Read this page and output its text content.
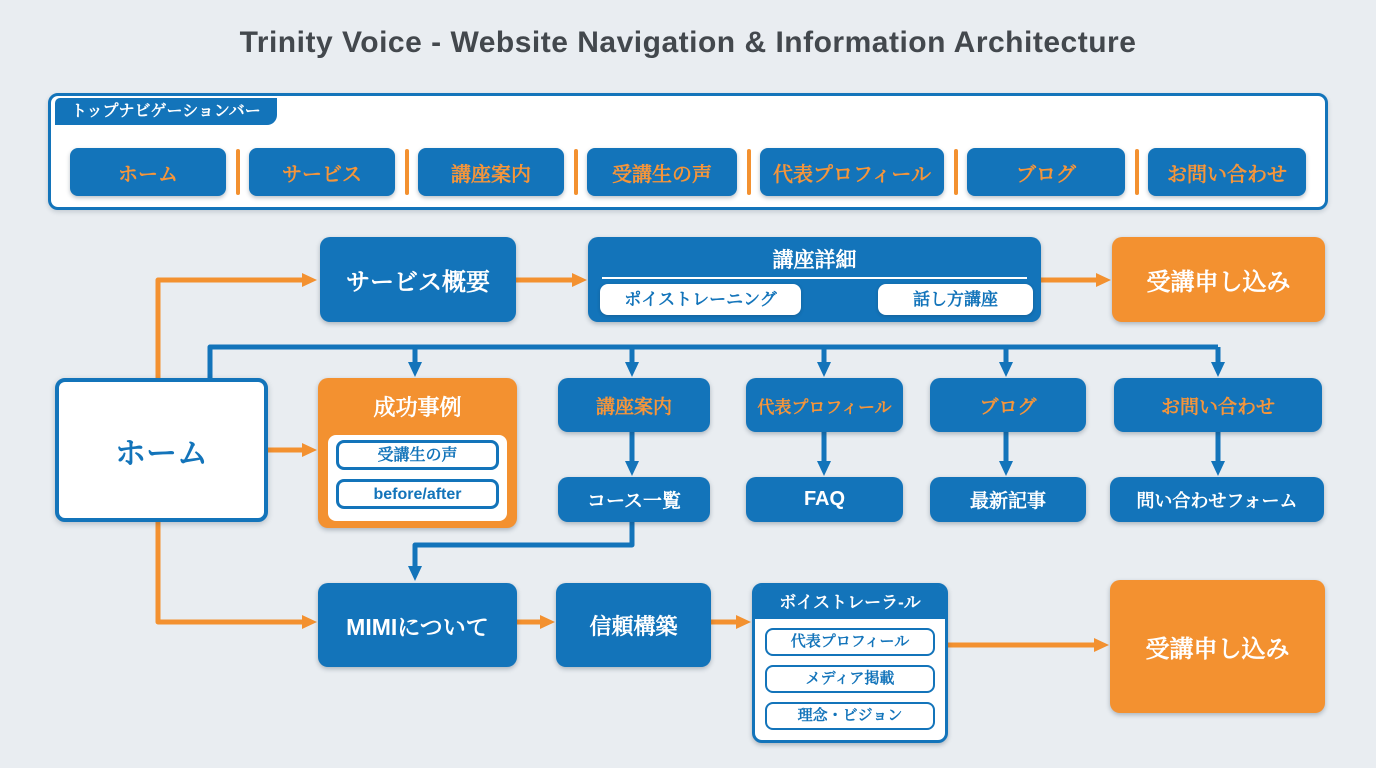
Trinity Voice - Website Navigation & Information Architecture
トップナビゲーションバー
ホーム	サービス	講座案内	受講生の声	代表プロフィール	ブログ	お問い合わせ
ホーム
サービス概要
講座詳細
ポイストレーニング	話し方講座
受講申し込み
成功事例
受講生の声
before/after
講座案内	代表プロフィール	ブログ	お問い合わせ
コース一覧	FAQ	最新記事	問い合わせフォーム
MIMIについて	信頼構築
ボイストレーラ-ル
代表プロフィール
メディア掲載
理念・ビジョン
受講申し込み
